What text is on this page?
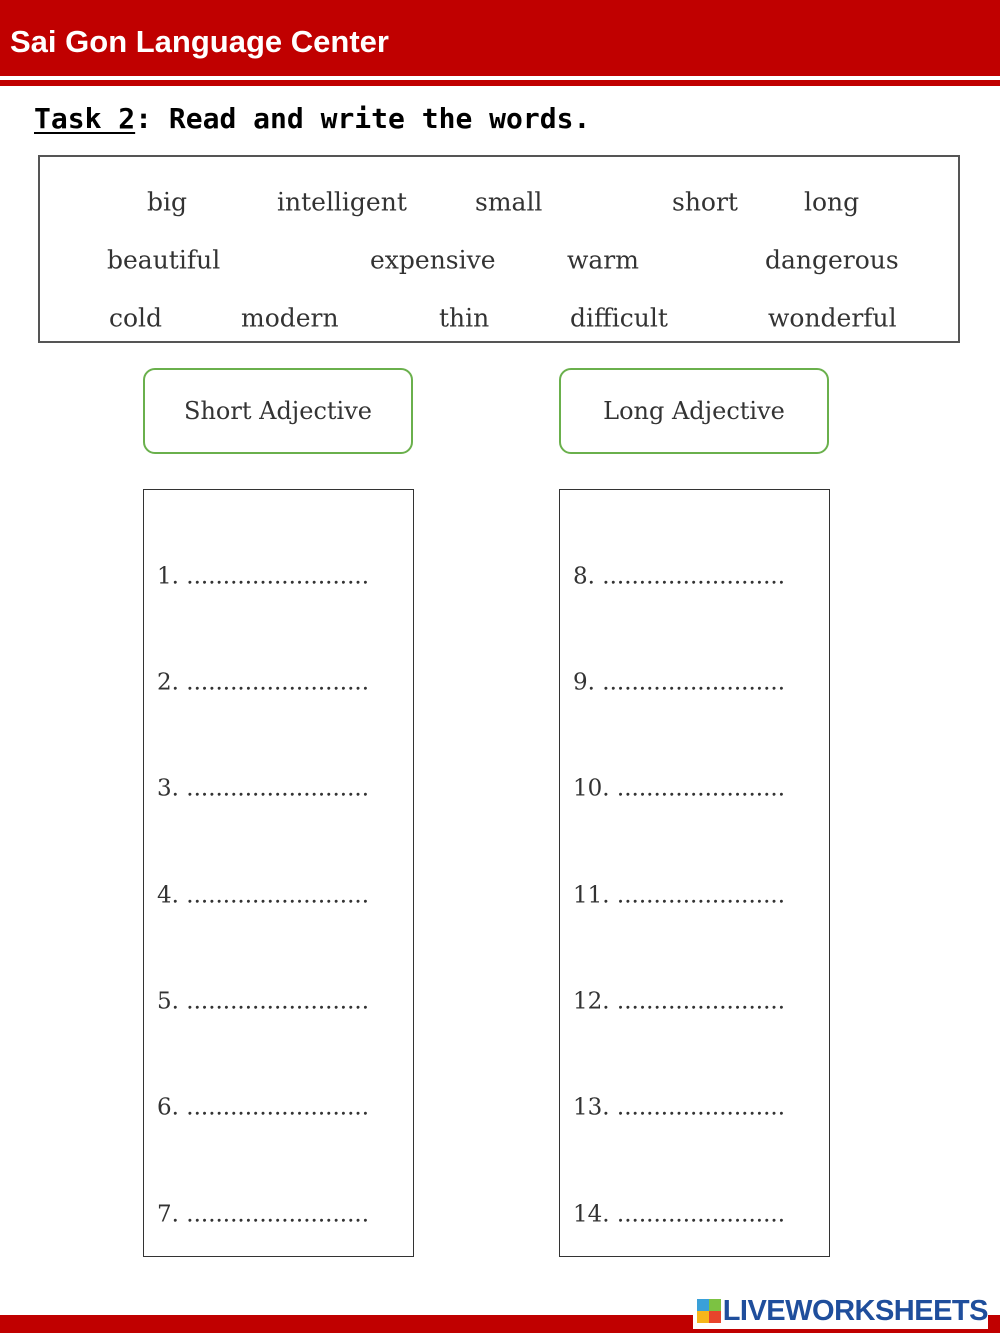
Sai Gon Language Center
Task 2: Read and write the words.
big	intelligent	small	short	long
beautiful	expensive	warm	dangerous
cold	modern	thin	difficult	wonderful
Short Adjective	Long Adjective
1. .........................
2. .........................
3. .........................
4. .........................
5. .........................
6. .........................
7. .........................
8. .........................
9. .........................
10. .......................
11. .......................
12. .......................
13. .......................
14. .......................
LIVEWORKSHEETS
